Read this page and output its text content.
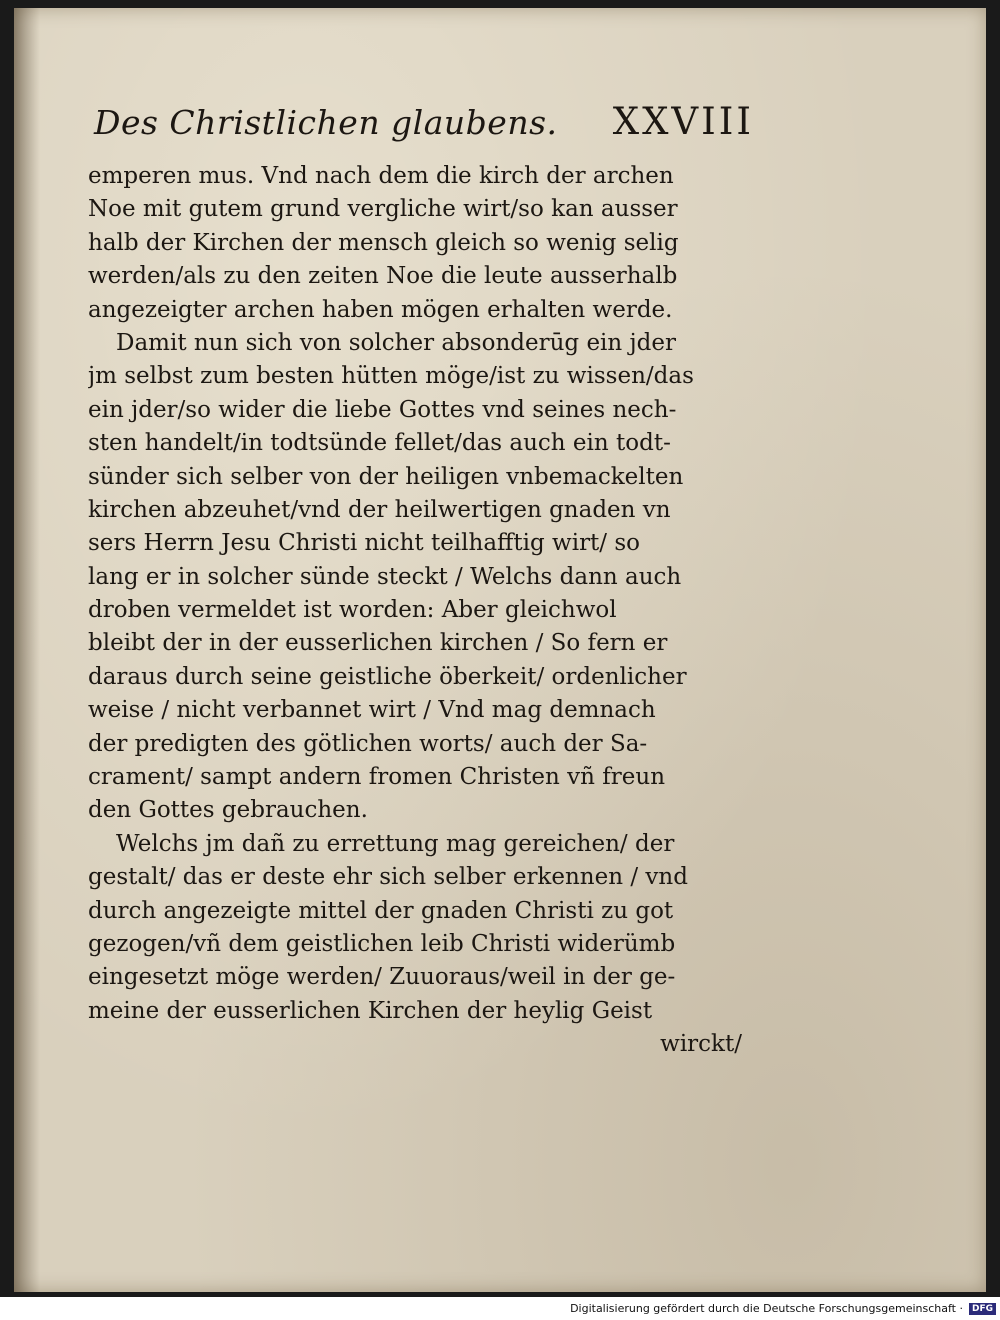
Des Christlichen glaubens. XXVIII
emperen mus. Vnd nach dem die kirch der archen
Noe mit gutem grund vergliche wirt/so kan ausser
halb der Kirchen der mensch gleich so wenig selig
werden/als zu den zeiten Noe die leute ausserhalb
angezeigter archen haben mögen erhalten werde.
Damit nun sich von solcher absonderūg ein jder
jm selbst zum besten hütten möge/ist zu wissen/das
ein jder/so wider die liebe Gottes vnd seines nech-
sten handelt/in todtsünde fellet/das auch ein todt-
sünder sich selber von der heiligen vnbemackelten
kirchen abzeuhet/vnd der heilwertigen gnaden vn
sers Herrn Jesu Christi nicht teilhafftig wirt/ so
lang er in solcher sünde steckt / Welchs dann auch
droben vermeldet ist worden: Aber gleichwol
bleibt der in der eusserlichen kirchen / So fern er
daraus durch seine geistliche öberkeit/ ordenlicher
weise / nicht verbannet wirt / Vnd mag demnach
der predigten des götlichen worts/ auch der Sa-
crament/ sampt andern fromen Christen vñ freun
den Gottes gebrauchen.
Welchs jm dañ zu errettung mag gereichen/ der
gestalt/ das er deste ehr sich selber erkennen / vnd
durch angezeigte mittel der gnaden Christi zu got
gezogen/vñ dem geistlichen leib Christi widerümb
eingesetzt möge werden/ Zuuoraus/weil in der ge-
meine der eusserlichen Kirchen der heylig Geist
wirckt/
Digitalisierung gefördert durch die Deutsche Forschungsgemeinschaft ·	DFG
